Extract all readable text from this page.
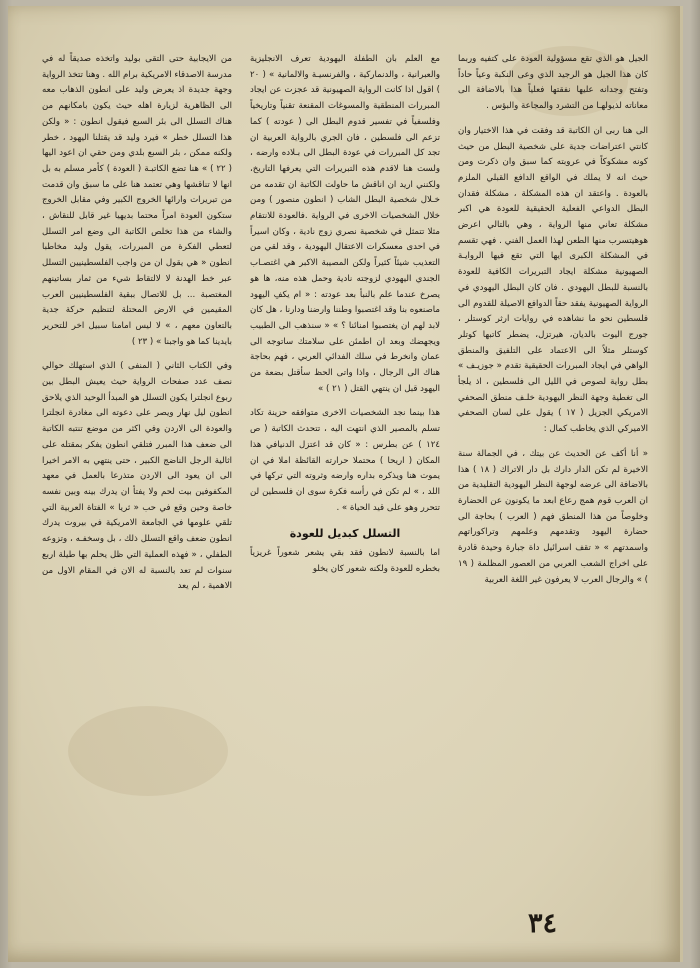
الجيل هو الذي تقع مسؤولية العودة على كتفيه وربما كان هذا الجيل هو الرجيد الذي وعى النكبة وعياً حاداً وتفتح وجدانه عليها نفقتها فعلياً هذا بالاضافة الى معاناته لذيولهـا من التشرد والمجاعة والبؤس .

الى هنا ربى ان الكاتبة قد وفقت في هذا الاختيار وان كانتي اعتراضات جدية على شخصية البطل من حيث كونه مشكوكاً في عروبته كما سبق وان ذكرت ومن حيث انه لا يملك في الواقع الدافع القبلي الملزم بالعودة . واعتقد ان هذه المشكلة ، مشكلة فقدان البطل الدواعي الفعلية الحقيقية للعودة هي اكبر مشكلة تعاني منها الرواية ، وهي بالتالي اعرض هوهيتسرب منها الطعن لهذا العمل الفني . فهي تقسم في المشكلة الكبرى ايها التي تقع فيها الروايـة الصهيونية مشكلة ايجاد التبريرات الكافية للعودة بالنسبة للبطل اليهودي . فان كان البطل اليهودي في الرواية الصهيونية يفقد حقاً الدوافع الاصيلة للقدوم الى فلسطين نحو ما نشاهده في روايات ارثر كوستلر ، جورج اليوت بالديان، هيرتزل، يضطر كاتبها كوتلر كوستلر مثلاً الى الاعتماد على التلفيق والمنطق الواهي في ايجاد المبررات الحقيقية تقدم « جوزيـف » بطل رواية لصوص في الليل الى فلسطين ، اذ يلجأ الى تغطية وجهة النظر اليهودية خلـف منطق الصحفي الامريكي الجزيل ( ١٧ ) يقول على لسان الصحفي الاميركي الذي يخاطب كمال :

« أنا أكف عن الحديث عن بيتك ، في الجمالة سنة الاخيرة لم تكن الدار دارك بل دار الاتراك ( ١٨ ) هذا بالاضافة الى عرضه لوجهة النظر اليهودية التقليدية من ان العرب قوم همج رعاع ابعد ما يكونون عن الحضارة وخلوصاً من هذا المنطق فهم ( العرب ) بحاجة الى حضارة اليهود وتقدمهم وعلمهم وتراكوراتهم واسمدتهم » « تقف اسرائيل داة جبارة وحيدة قادرة على اخراج الشعب العربي من العصور المظلمة ( ١٩ ) » والرجال العرب لا يعرفون غير اللغة العربية

مع العلم بان الطفلة اليهودية تعرف الانجليزية والعبرانية ، والدنماركية ، والفرنسيـة والالمانية » ( ٢٠ ) اقول اذا كانت الرواية الصهيونية قد عجزت عن ايجاد المبررات المنطقية والمسوغات المقنعة تقنياً وتاريخياً وفلسفياً في تفسير قدوم البطل الى ( عودته ) كما تزعم الى فلسطين ، فان الجري بالرواية العربية ان تجد كل المبررات في عودة البطل الى بـلاده وارضه ، ولست هنا لاقدم هذه التبريرات التي يعرفها التاريخ، ولكنني اريد ان اناقش ما حاولت الكاتبة ان تقدمه من خـلال شخصية البطل الشاب ( انطون منصور ) ومن خلال الشخصيات الاخرى في الرواية .فالعودة للانتقام مثلا تتمثل في شخصية نصري زوج نادية ، وكان اسيراً في احدى معسكرات الاعتقال اليهودية ، وقد لقي من التعذيب شيئاً كثيراً ولكن المصيبة الاكبر هي اغتصـاب الجندي اليهودي لزوجته نادية وحمل هذه منه، ها هو يصرخ عندما علم بالنبأ بعد عودته : « ام يكفِ اليهود ماصنعوه بنا وقد اغتصبوا وطننا وارضنا ودارنا ، هل كان لابد لهم ان يغتصبوا امنائنا ؟ » « سنذهب الى الطبيب ويجهضك وبعد ان اطمئن على سلامتك ساتوجه الى عمان وانخرط في سلك الفدائي العربي ، فهم بحاجة هناك الى الرجال ، واذا واتى الحظ سأقتل بضعة من اليهود قبل ان ينتهي القتل ( ٢١ ) »

هذا بينما نجد الشخصيات الاخرى متوافقه حزينة تكاد تسلم بالمصير الذي انتهت اليه ، تتحدث الكاتبة ( ص ١٢٤ ) عن بطرس : « كان قد اعتزل الدنيافي هذا المكان ( اريحا ) محتملا حرارته القائظة املا في ان يموت هنا ويذكره بداره وارضه وثروته التي تركها في اللد ، » لم تكن في رأسه فكرة سوى ان فلسطين لن تتحرر وهو على قيد الحياة » .

التسلل كبديل للعودة

اما بالنسبة لانطون فقد بقي يشعر شعوراً غريزياً بخطره للعودة ولكنه شعور كان يخلو

من الايجابية حتى التقى بوليد واتخذه صديقاً له في مدرسة الاصدقاء الامريكية برام الله . وهنا تتخذ الرواية وجهة جديدة اذ يعرض وليد على انطون الذهاب معه الى الظاهرية لزيارة اهله حيث يكون بامكانهم من هناك التسلل الى بئر السبع فيقول انطون : « ولكن هذا التسلل خطر » فيرد وليد قد يقتلنا اليهود ، خطر ولكنه ممكن ، بئر السبع بلدي ومن حقي ان اعود اليها ( ٢٢ ) » هنا تضع الكاتبـة ( العودة ) كأمر مسلم به بل انها لا تناقشها وهي تعتمد هنا على ما سبق وان قدمت من تبريرات وارائها الخروج الكبير وفي مقابل الخروج ستكون العودة امراً محتما بديهيا غير قابل للنقاش ، والشاء من هذا تخلص الكاتبة الى وضع امر التسلل لتعطي الفكرة من المبررات، يقول وليد مخاطبا انطون « هي يقول ان من واجب الفلسطينيين التسلل عبر خط الهدنة لا لالتقاط شيء من ثمار بساتينهم المغتصبة ... بل للاتصال ببقية الفلسطينيين العرب المقيمين في الارض المحتلة لتنظيم حركة جدية بالتعاون معهم ، » لا ليس امامنا سبيل اخر للتحرير بايدينا كما هو واجبنا » ( ٢٣ )

وفي الكتاب الثاني ( المنفى ) الذي استهلك حوالي نصف عدد صفحات الرواية حيث يعيش البطل بين ربوع انجلترا يكون التسلل هو المبدأ الوحيد الذي يلاحق انطون ليل نهار ويصر على دعوته الى مغادرة انجلترا والعودة الى الاردن وفي اكثر من موضع تنتبه الكاتبة الى ضعف هذا المبرر فتلقي انطون يفكر بمقتله على اثالية الرجل الناضج الكبير ، حتى ينتهي به الامر اخيرا الى ان يعود الى الاردن متذرعا بالعمل في معهد المكفوفين بيت لحم ولا يفتأ ان يدرك بينه وبين نفسه خاصة وحين وقع في حب « ثريا » الفتاة العربية التي تلقي علومها في الجامعة الامريكية في بيروت يدرك انطون ضعف واقع التسلل ذلك ، بل وسخفـه ، وتزوعه الطفلي ، « فهذه العملية التي ظل يحلم بها طيلة اربع سنوات لم تعد بالنسبة له الان في المقام الاول من الاهمية ، لم يعد

٣٤
